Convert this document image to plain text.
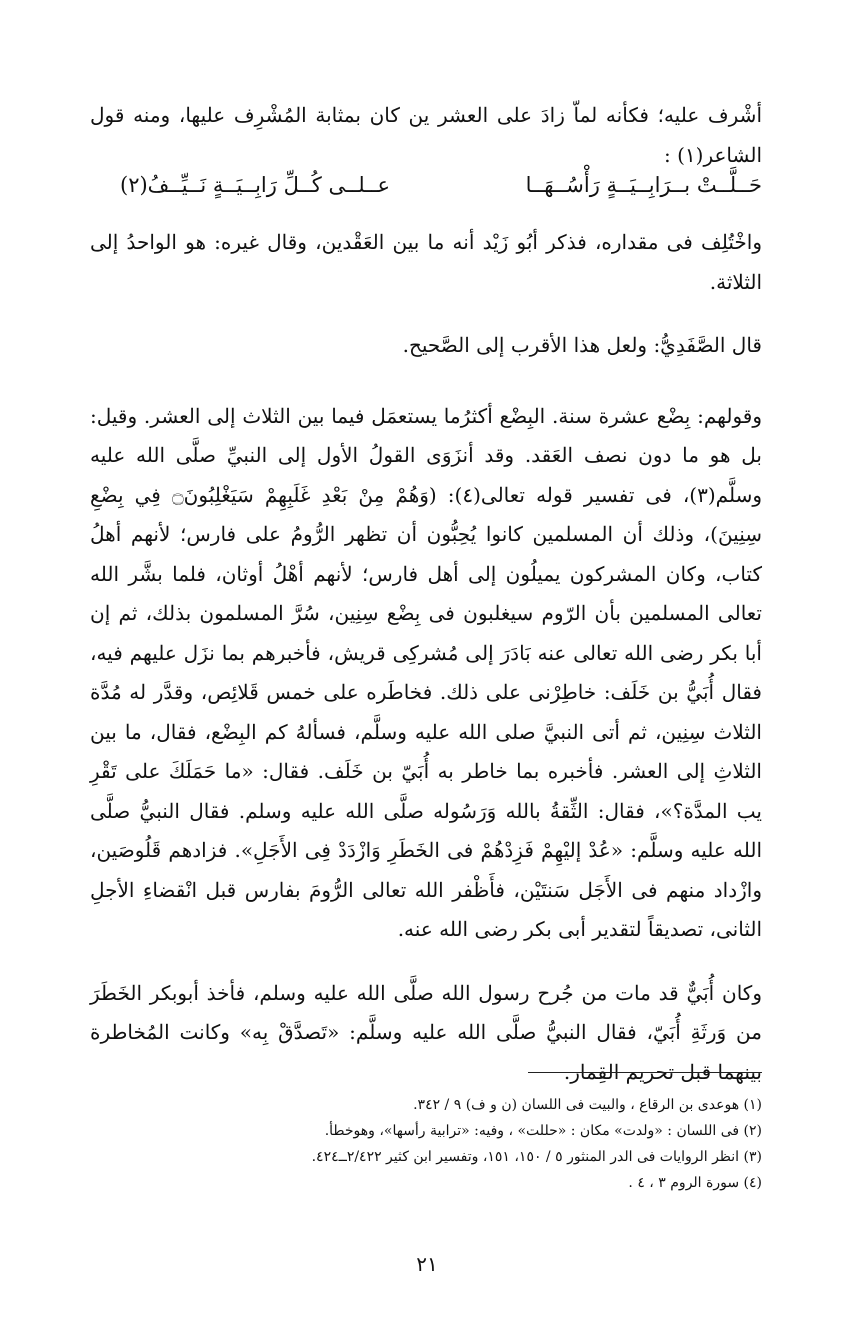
أشْرف عليه؛ فكأنه لماّ زادَ على العشر ين كان بمثابة المُشْرِف عليها، ومنه قول الشاعر(١) :

حَــلَّــتْ بــرَابِــيَــةٍ رَأْسُــهَــا
عــلــى كُــلِّ رَابِــيَــةٍ نَــيِّــفُ(٢)

واخْتُلِف فى مقداره، فذكر أبُو زَيْد أنه ما بين العَقْدين، وقال غيره: هو الواحدُ إلى الثلاثة.

قال الصَّفَدِيُّ: ولعل هذا الأقرب إلى الصَّحيح.

وقولهم: بِضْع عشرة سنة. البِضْع أكثرُما يستعمَل فيما بين الثلاث إلى العشر. وقيل: بل هو ما دون نصف العَقد. وقد أنزَوَى القولُ الأول إلى النبيِّ صلَّى الله عليه وسلَّم(٣)، فى تفسير قوله تعالى(٤): (وَهُمْ مِنْ بَعْدِ غَلَبِهِمْ سَيَغْلِبُونَ۝ فِي بِضْعِ سِنِينَ)، وذلك أن المسلمين كانوا يُحِبُّون أن تظهر الرُّومُ على فارس؛ لأنهم أهلُ كتاب، وكان المشركون يميلُون إلى أهل فارس؛ لأنهم أهْلُ أوثان، فلما بشَّر الله تعالى المسلمين بأن الرّوم سيغلبون فى بِضْع سِنِين، سُرَّ المسلمون بذلك، ثم إن أبا بكر رضى الله تعالى عنه بَادَرَ إلى مُشركِى قريش، فأخبرهم بما نزَل عليهم فيه، فقال أُبَيُّ بن خَلَف: خاطِرْنى على ذلك. فخاطَره على خمس قَلائِص، وقدَّر له مُدَّة الثلاث سِنِين، ثم أتى النبيَّ صلى الله عليه وسلَّم، فسألهُ كم البِضْع، فقال، ما بين الثلاثِ إلى العشر. فأخبره بما خاطر به أُبَيّ بن خَلَف. فقال: «ما حَمَلَكَ على تَقْرِ يب المدَّة؟»، فقال: الثِّقةُ بالله وَرَسُوله صلَّى الله عليه وسلم. فقال النبيُّ صلَّى الله عليه وسلَّم: «عُدْ إليْهِمْ فَزِدْهُمْ فى الخَطَرِ وَازْدَدْ فِى الأَجَلِ». فزادهم قَلُوصَين، وازْداد منهم فى الأَجَل سَنتَيْن، فأَظْفر الله تعالى الرُّومَ بفارس قبل انْقضاءِ الأجلِ الثانى، تصديقاً لتقدير أبى بكر رضى الله عنه.

وكان أُبَيٌّ قد مات من جُرح رسول الله صلَّى الله عليه وسلم، فأخذ أبوبكر الخَطَرَ من وَرثَةِ أُبَيّ، فقال النبيُّ صلَّى الله عليه وسلَّم: «تَصدَّقْ بِه» وكانت المُخاطرة بينهما قبل تحريم القِمار.

(١) هوعدى بن الرقاع ، والبيت فى اللسان (ن و ف) ٩ / ٣٤٢.
(٢) فى اللسان : «ولدت» مكان : «حللت» ، وفيه: «ترابية رأسها»، وهوخطأ.
(٣) انظر الروايات فى الدر المنثور ٥ / ١٥٠، ١٥١، وتفسير ابن كثير ٢/٤٢٢ــ٤٢٤.
(٤) سورة الروم ٣ ، ٤ .
٢١
